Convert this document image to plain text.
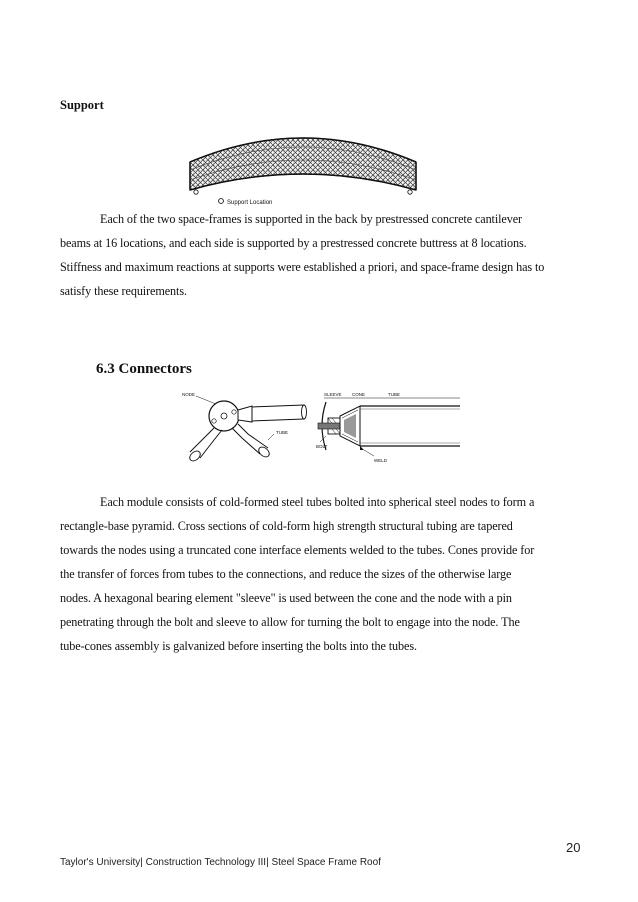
Support
Support Location
Each of the two space-frames is supported in the back by prestressed concrete cantilever
beams at 16 locations, and each side is supported by a prestressed concrete buttress at 8 locations.
Stiffness and maximum reactions at supports were established a priori, and space-frame design has to
satisfy these requirements.
6.3 Connectors
NODE
TUBE
SLEEVE CONE	TUBE
BOLT
WELD
Each module consists of cold-formed steel tubes bolted into spherical steel nodes to form a
rectangle-base pyramid. Cross sections of cold-form high strength structural tubing are tapered
towards the nodes using a truncated cone interface elements welded to the tubes. Cones provide for
the transfer of forces from tubes to the connections, and reduce the sizes of the otherwise large
nodes. A hexagonal bearing element "sleeve" is used between the cone and the node with a pin
penetrating through the bolt and sleeve to allow for turning the bolt to engage into the node. The
tube-cones assembly is galvanized before inserting the bolts into the tubes.
20
Taylor's University| Construction Technology III| Steel Space Frame Roof
